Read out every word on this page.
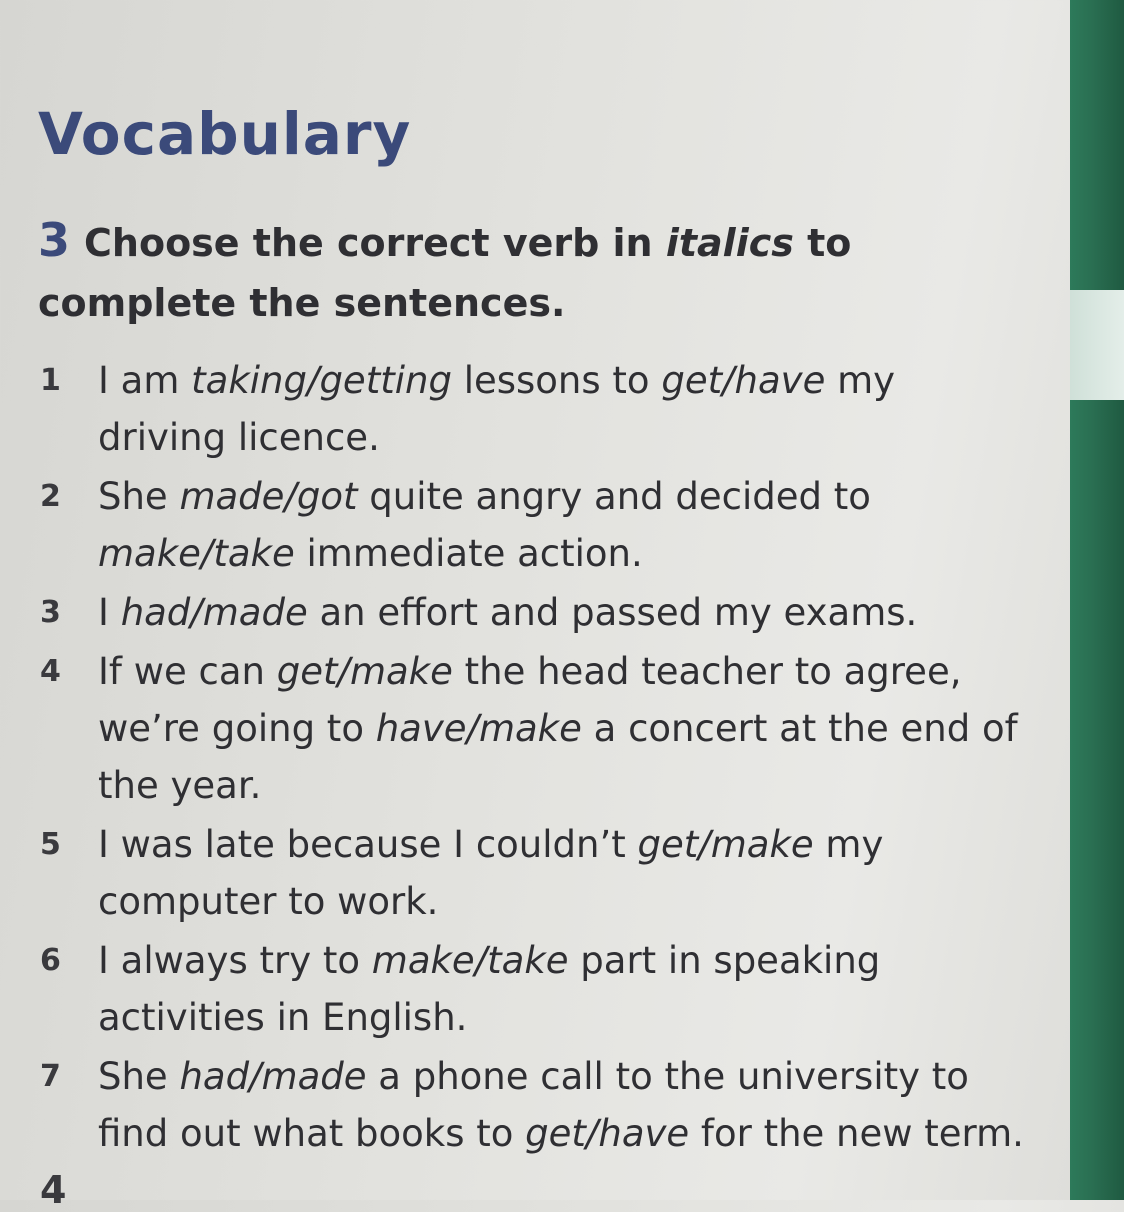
Vocabulary
3 Choose the correct verb in italics to complete the sentences.
1	I am taking/getting lessons to get/have my driving licence.
2	She made/got quite angry and decided to make/take immediate action.
3	I had/made an effort and passed my exams.
4	If we can get/make the head teacher to agree, we’re going to have/make a concert at the end of the year.
5	I was late because I couldn’t get/make my computer to work.
6	I always try to make/take part in speaking activities in English.
7	She had/made a phone call to the university to find out what books to get/have for the new term.
4
